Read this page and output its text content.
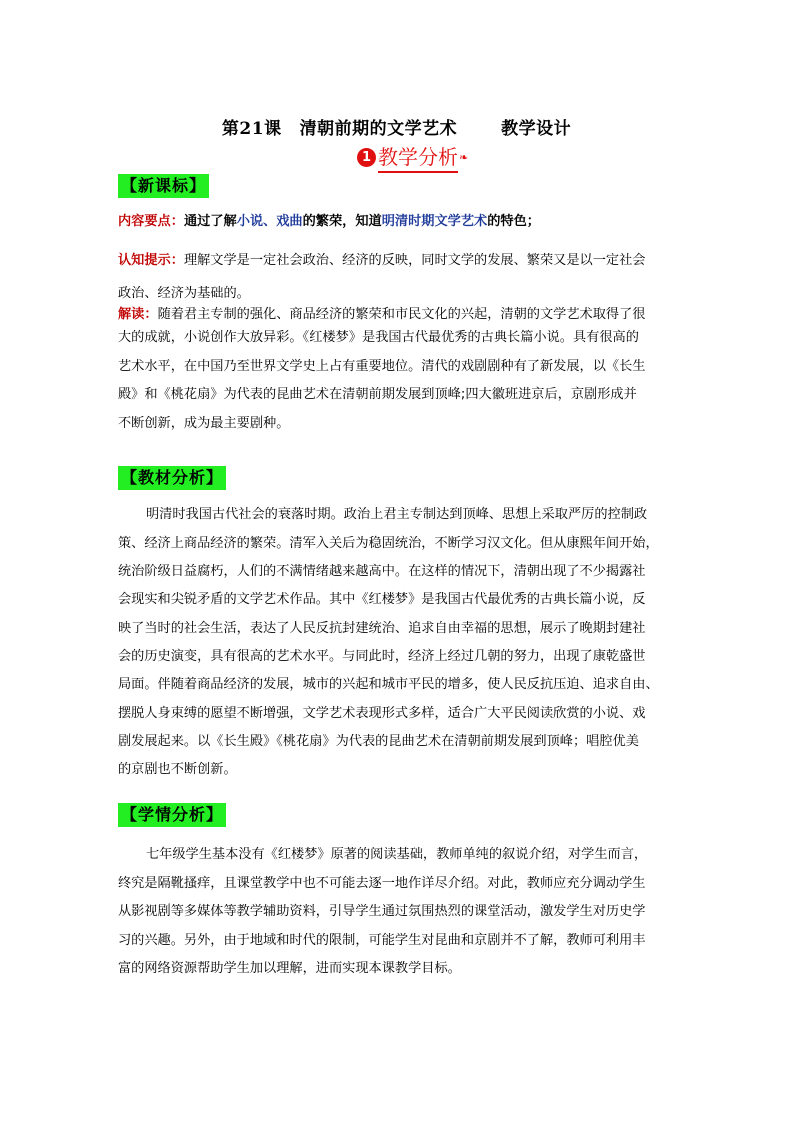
第21课 清朝前期的文学艺术	教学设计
1 教学分析 ❧
【新课标】
内容要点：通过了解小说、戏曲的繁荣，知道明清时期文学艺术的特色；
认知提示：理解文学是一定社会政治、经济的反映，同时文学的发展、繁荣又是以一定社会
政治、经济为基础的。
解读：随着君主专制的强化、商品经济的繁荣和市民文化的兴起，清朝的文学艺术取得了很
大的成就，小说创作大放异彩。《红楼梦》是我国古代最优秀的古典长篇小说。具有很高的
艺术水平，在中国乃至世界文学史上占有重要地位。清代的戏剧剧种有了新发展，以《长生
殿》和《桃花扇》为代表的昆曲艺术在清朝前期发展到顶峰;四大徽班进京后，京剧形成并
不断创新，成为最主要剧种。
【教材分析】
明清时我国古代社会的衰落时期。政治上君主专制达到顶峰、思想上采取严厉的控制政
策、经济上商品经济的繁荣。清军入关后为稳固统治，不断学习汉文化。但从康熙年间开始，
统治阶级日益腐朽，人们的不满情绪越来越高中。在这样的情况下，清朝出现了不少揭露社
会现实和尖锐矛盾的文学艺术作品。其中《红楼梦》是我国古代最优秀的古典长篇小说，反
映了当时的社会生活，表达了人民反抗封建统治、追求自由幸福的思想，展示了晚期封建社
会的历史演变，具有很高的艺术水平。与同此时，经济上经过几朝的努力，出现了康乾盛世
局面。伴随着商品经济的发展，城市的兴起和城市平民的增多，使人民反抗压迫、追求自由、
摆脱人身束缚的愿望不断增强，文学艺术表现形式多样，适合广大平民阅读欣赏的小说、戏
剧发展起来。以《长生殿》《桃花扇》为代表的昆曲艺术在清朝前期发展到顶峰；唱腔优美
的京剧也不断创新。
【学情分析】
七年级学生基本没有《红楼梦》原著的阅读基础，教师单纯的叙说介绍，对学生而言，
终究是隔靴搔痒，且课堂教学中也不可能去逐一地作详尽介绍。对此，教师应充分调动学生
从影视剧等多媒体等教学辅助资料，引导学生通过氛围热烈的课堂活动，激发学生对历史学
习的兴趣。另外，由于地域和时代的限制，可能学生对昆曲和京剧并不了解，教师可利用丰
富的网络资源帮助学生加以理解，进而实现本课教学目标。
